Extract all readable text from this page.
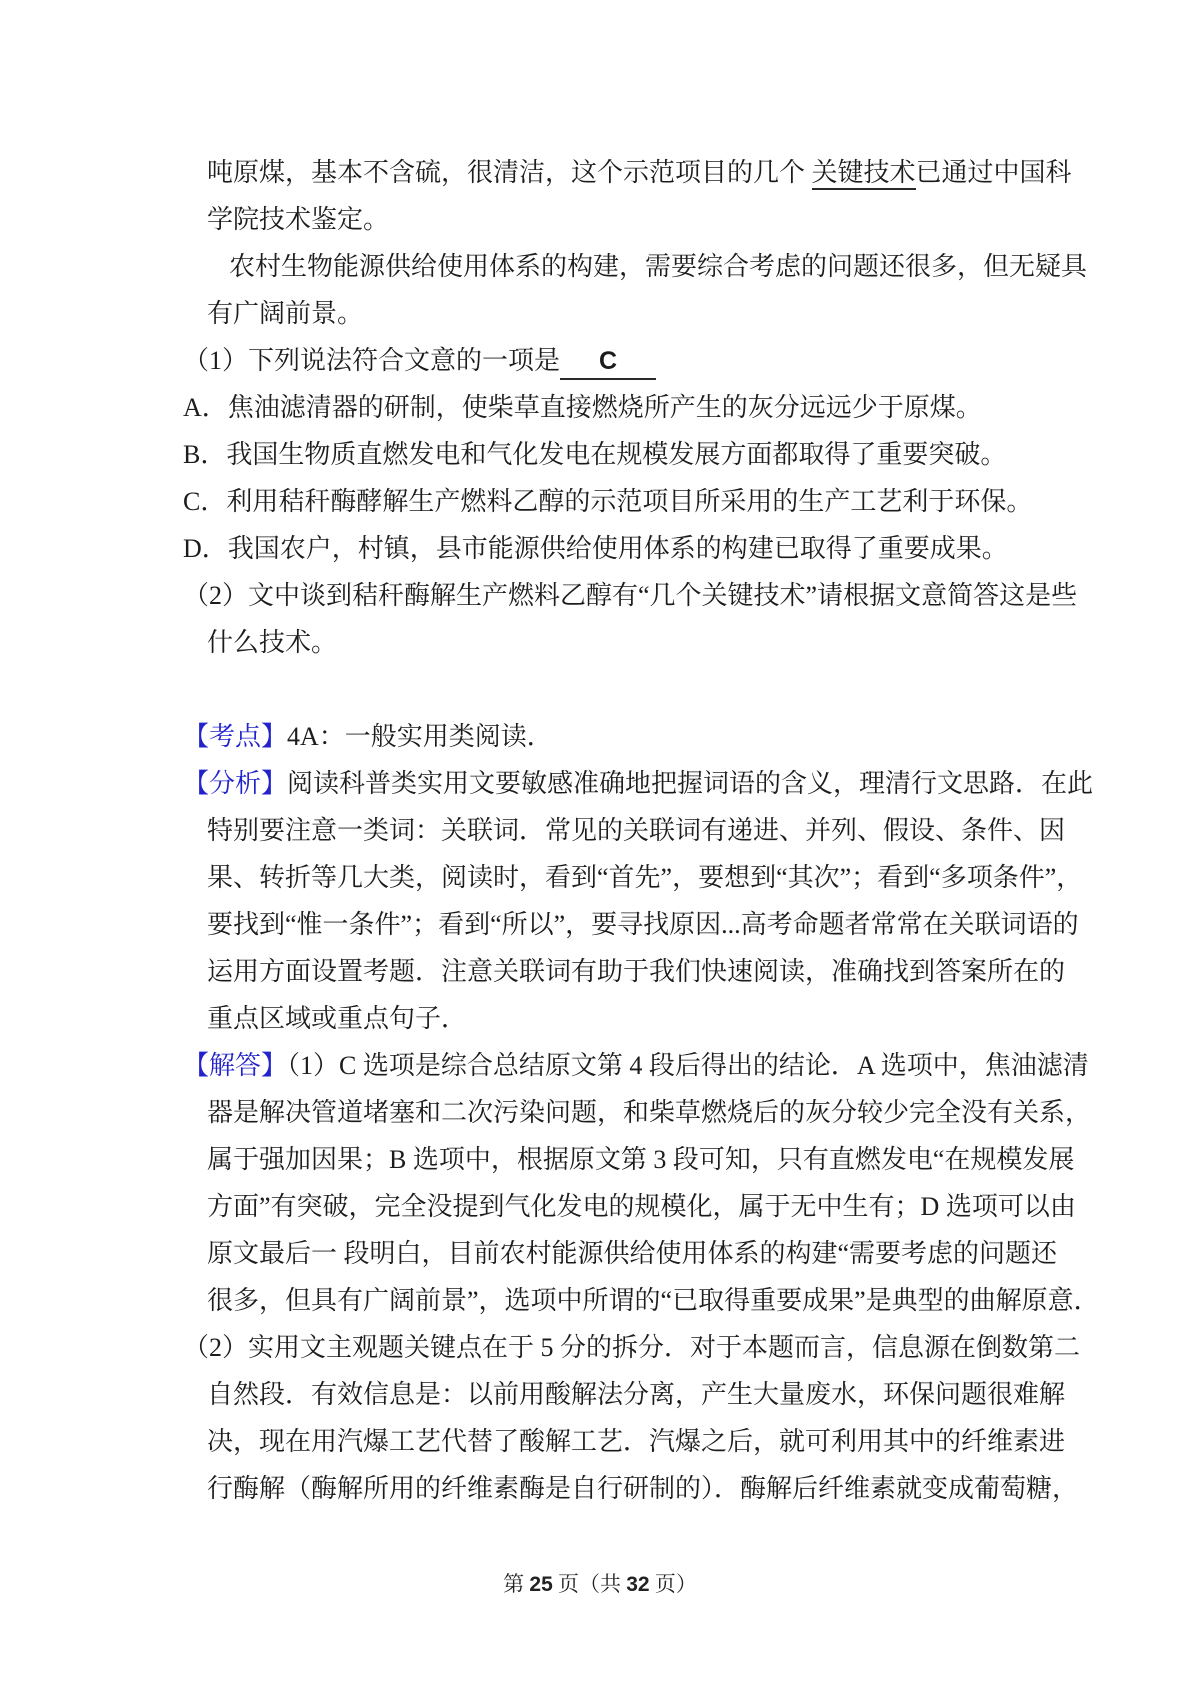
吨原煤，基本不含硫，很清洁，这个示范项目的几个 关键技术已通过中国科
学院技术鉴定。
农村生物能源供给使用体系的构建，需要综合考虑的问题还很多，但无疑具
有广阔前景。
（1）下列说法符合文意的一项是 C
A．焦油滤清器的研制，使柴草直接燃烧所产生的灰分远远少于原煤。
B．我国生物质直燃发电和气化发电在规模发展方面都取得了重要突破。
C．利用秸秆酶酵解生产燃料乙醇的示范项目所采用的生产工艺利于环保。
D．我国农户，村镇，县市能源供给使用体系的构建已取得了重要成果。
（2）文中谈到秸秆酶解生产燃料乙醇有“几个关键技术”请根据文意简答这是些
什么技术。
【考点】4A：一般实用类阅读．
【分析】阅读科普类实用文要敏感准确地把握词语的含义，理清行文思路．在此
特别要注意一类词：关联词．常见的关联词有递进、并列、假设、条件、因
果、转折等几大类，阅读时，看到“首先”，要想到“其次”；看到“多项条件”，
要找到“惟一条件”；看到“所以”，要寻找原因...高考命题者常常在关联词语的
运用方面设置考题．注意关联词有助于我们快速阅读，准确找到答案所在的
重点区域或重点句子．
【解答】（1）C 选项是综合总结原文第 4 段后得出的结论．A 选项中，焦油滤清
器是解决管道堵塞和二次污染问题，和柴草燃烧后的灰分较少完全没有关系，
属于强加因果；B 选项中，根据原文第 3 段可知，只有直燃发电“在规模发展
方面”有突破，完全没提到气化发电的规模化，属于无中生有；D 选项可以由
原文最后一 段明白，目前农村能源供给使用体系的构建“需要考虑的问题还
很多，但具有广阔前景”，选项中所谓的“已取得重要成果”是典型的曲解原意．
（2）实用文主观题关键点在于 5 分的拆分．对于本题而言，信息源在倒数第二
自然段．有效信息是：以前用酸解法分离，产生大量废水，环保问题很难解
决，现在用汽爆工艺代替了酸解工艺．汽爆之后，就可利用其中的纤维素进
行酶解（酶解所用的纤维素酶是自行研制的）．酶解后纤维素就变成葡萄糖，
第 25 页（共 32 页）
